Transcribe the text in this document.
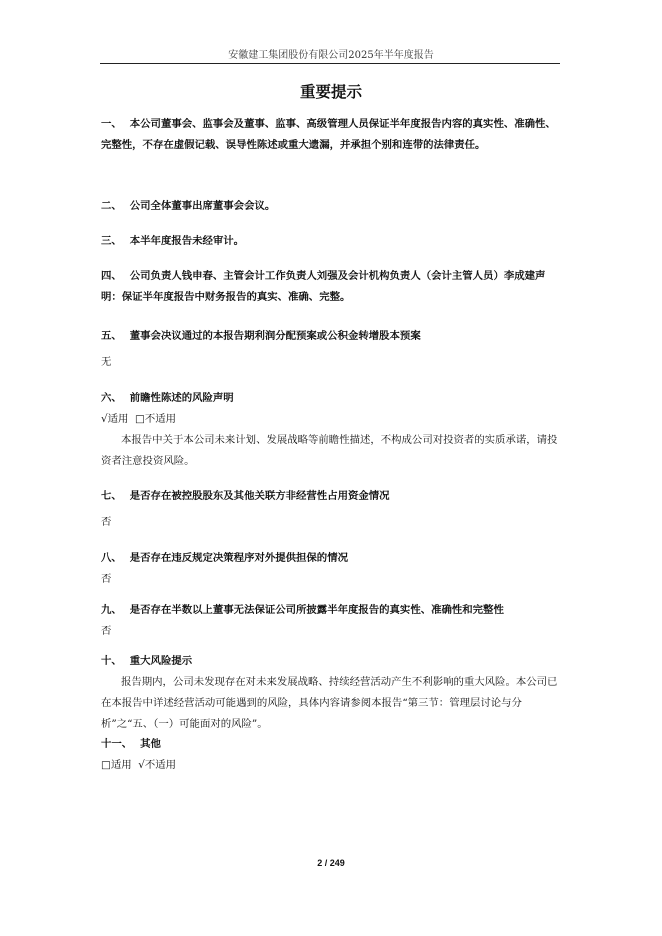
安徽建工集团股份有限公司2025年半年度报告
重要提示
一、 本公司董事会、监事会及董事、监事、高级管理人员保证半年度报告内容的真实性、准确性、完整性，不存在虚假记载、误导性陈述或重大遗漏，并承担个别和连带的法律责任。
二、 公司全体董事出席董事会会议。
三、 本半年度报告未经审计。
四、 公司负责人钱申春、主管会计工作负责人刘强及会计机构负责人（会计主管人员）李成建声明：保证半年度报告中财务报告的真实、准确、完整。
五、 董事会决议通过的本报告期利润分配预案或公积金转增股本预案
无
六、 前瞻性陈述的风险声明
√适用  □不适用
本报告中关于本公司未来计划、发展战略等前瞻性描述，不构成公司对投资者的实质承诺，请投资者注意投资风险。
七、 是否存在被控股股东及其他关联方非经营性占用资金情况
否
八、 是否存在违反规定决策程序对外提供担保的情况
否
九、 是否存在半数以上董事无法保证公司所披露半年度报告的真实性、准确性和完整性
否
十、 重大风险提示
报告期内，公司未发现存在对未来发展战略、持续经营活动产生不利影响的重大风险。本公司已在本报告中详述经营活动可能遇到的风险，具体内容请参阅本报告“第三节：管理层讨论与分析”之“五、（一）可能面对的风险”。
十一、 其他
□适用  √不适用
2 / 249
